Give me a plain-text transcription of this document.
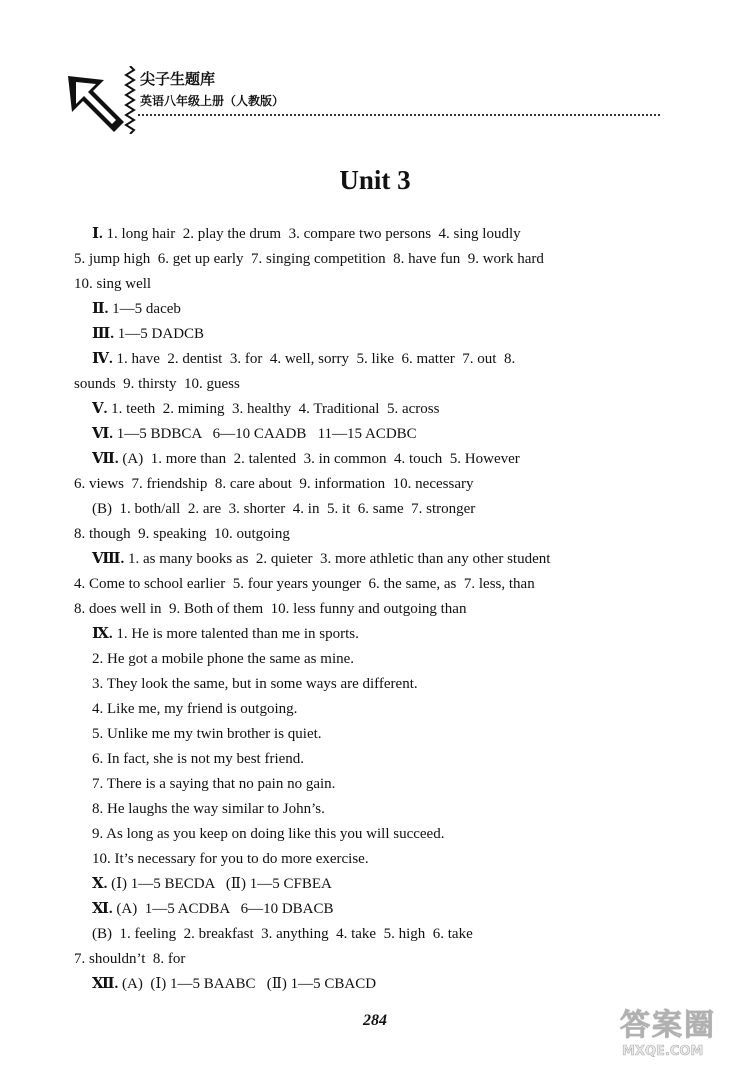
尖子生题库
英语八年级上册（人教版）
Unit 3
Ⅰ. 1. long hair  2. play the drum  3. compare two persons  4. sing loudly
5. jump high  6. get up early  7. singing competition  8. have fun  9. work hard
10. sing well
Ⅱ. 1—5 daceb
Ⅲ. 1—5 DADCB
Ⅳ. 1. have  2. dentist  3. for  4. well, sorry  5. like  6. matter  7. out  8.
sounds  9. thirsty  10. guess
Ⅴ. 1. teeth  2. miming  3. healthy  4. Traditional  5. across
Ⅵ. 1—5 BDBCA   6—10 CAADB   11—15 ACDBC
Ⅶ. (A)  1. more than  2. talented  3. in common  4. touch  5. However
6. views  7. friendship  8. care about  9. information  10. necessary
(B)  1. both/all  2. are  3. shorter  4. in  5. it  6. same  7. stronger
8. though  9. speaking  10. outgoing
Ⅷ. 1. as many books as  2. quieter  3. more athletic than any other student
4. Come to school earlier  5. four years younger  6. the same, as  7. less, than
8. does well in  9. Both of them  10. less funny and outgoing than
Ⅸ. 1. He is more talented than me in sports.
2. He got a mobile phone the same as mine.
3. They look the same, but in some ways are different.
4. Like me, my friend is outgoing.
5. Unlike me my twin brother is quiet.
6. In fact, she is not my best friend.
7. There is a saying that no pain no gain.
8. He laughs the way similar to John’s.
9. As long as you keep on doing like this you will succeed.
10. It’s necessary for you to do more exercise.
Ⅹ. (Ⅰ) 1—5 BECDA   (Ⅱ) 1—5 CFBEA
Ⅺ. (A)  1—5 ACDBA   6—10 DBACB
(B)  1. feeling  2. breakfast  3. anything  4. take  5. high  6. take
7. shouldn’t  8. for
Ⅻ. (A)  (Ⅰ) 1—5 BAABC   (Ⅱ) 1—5 CBACD
284	答案圈
MXQE.COM
